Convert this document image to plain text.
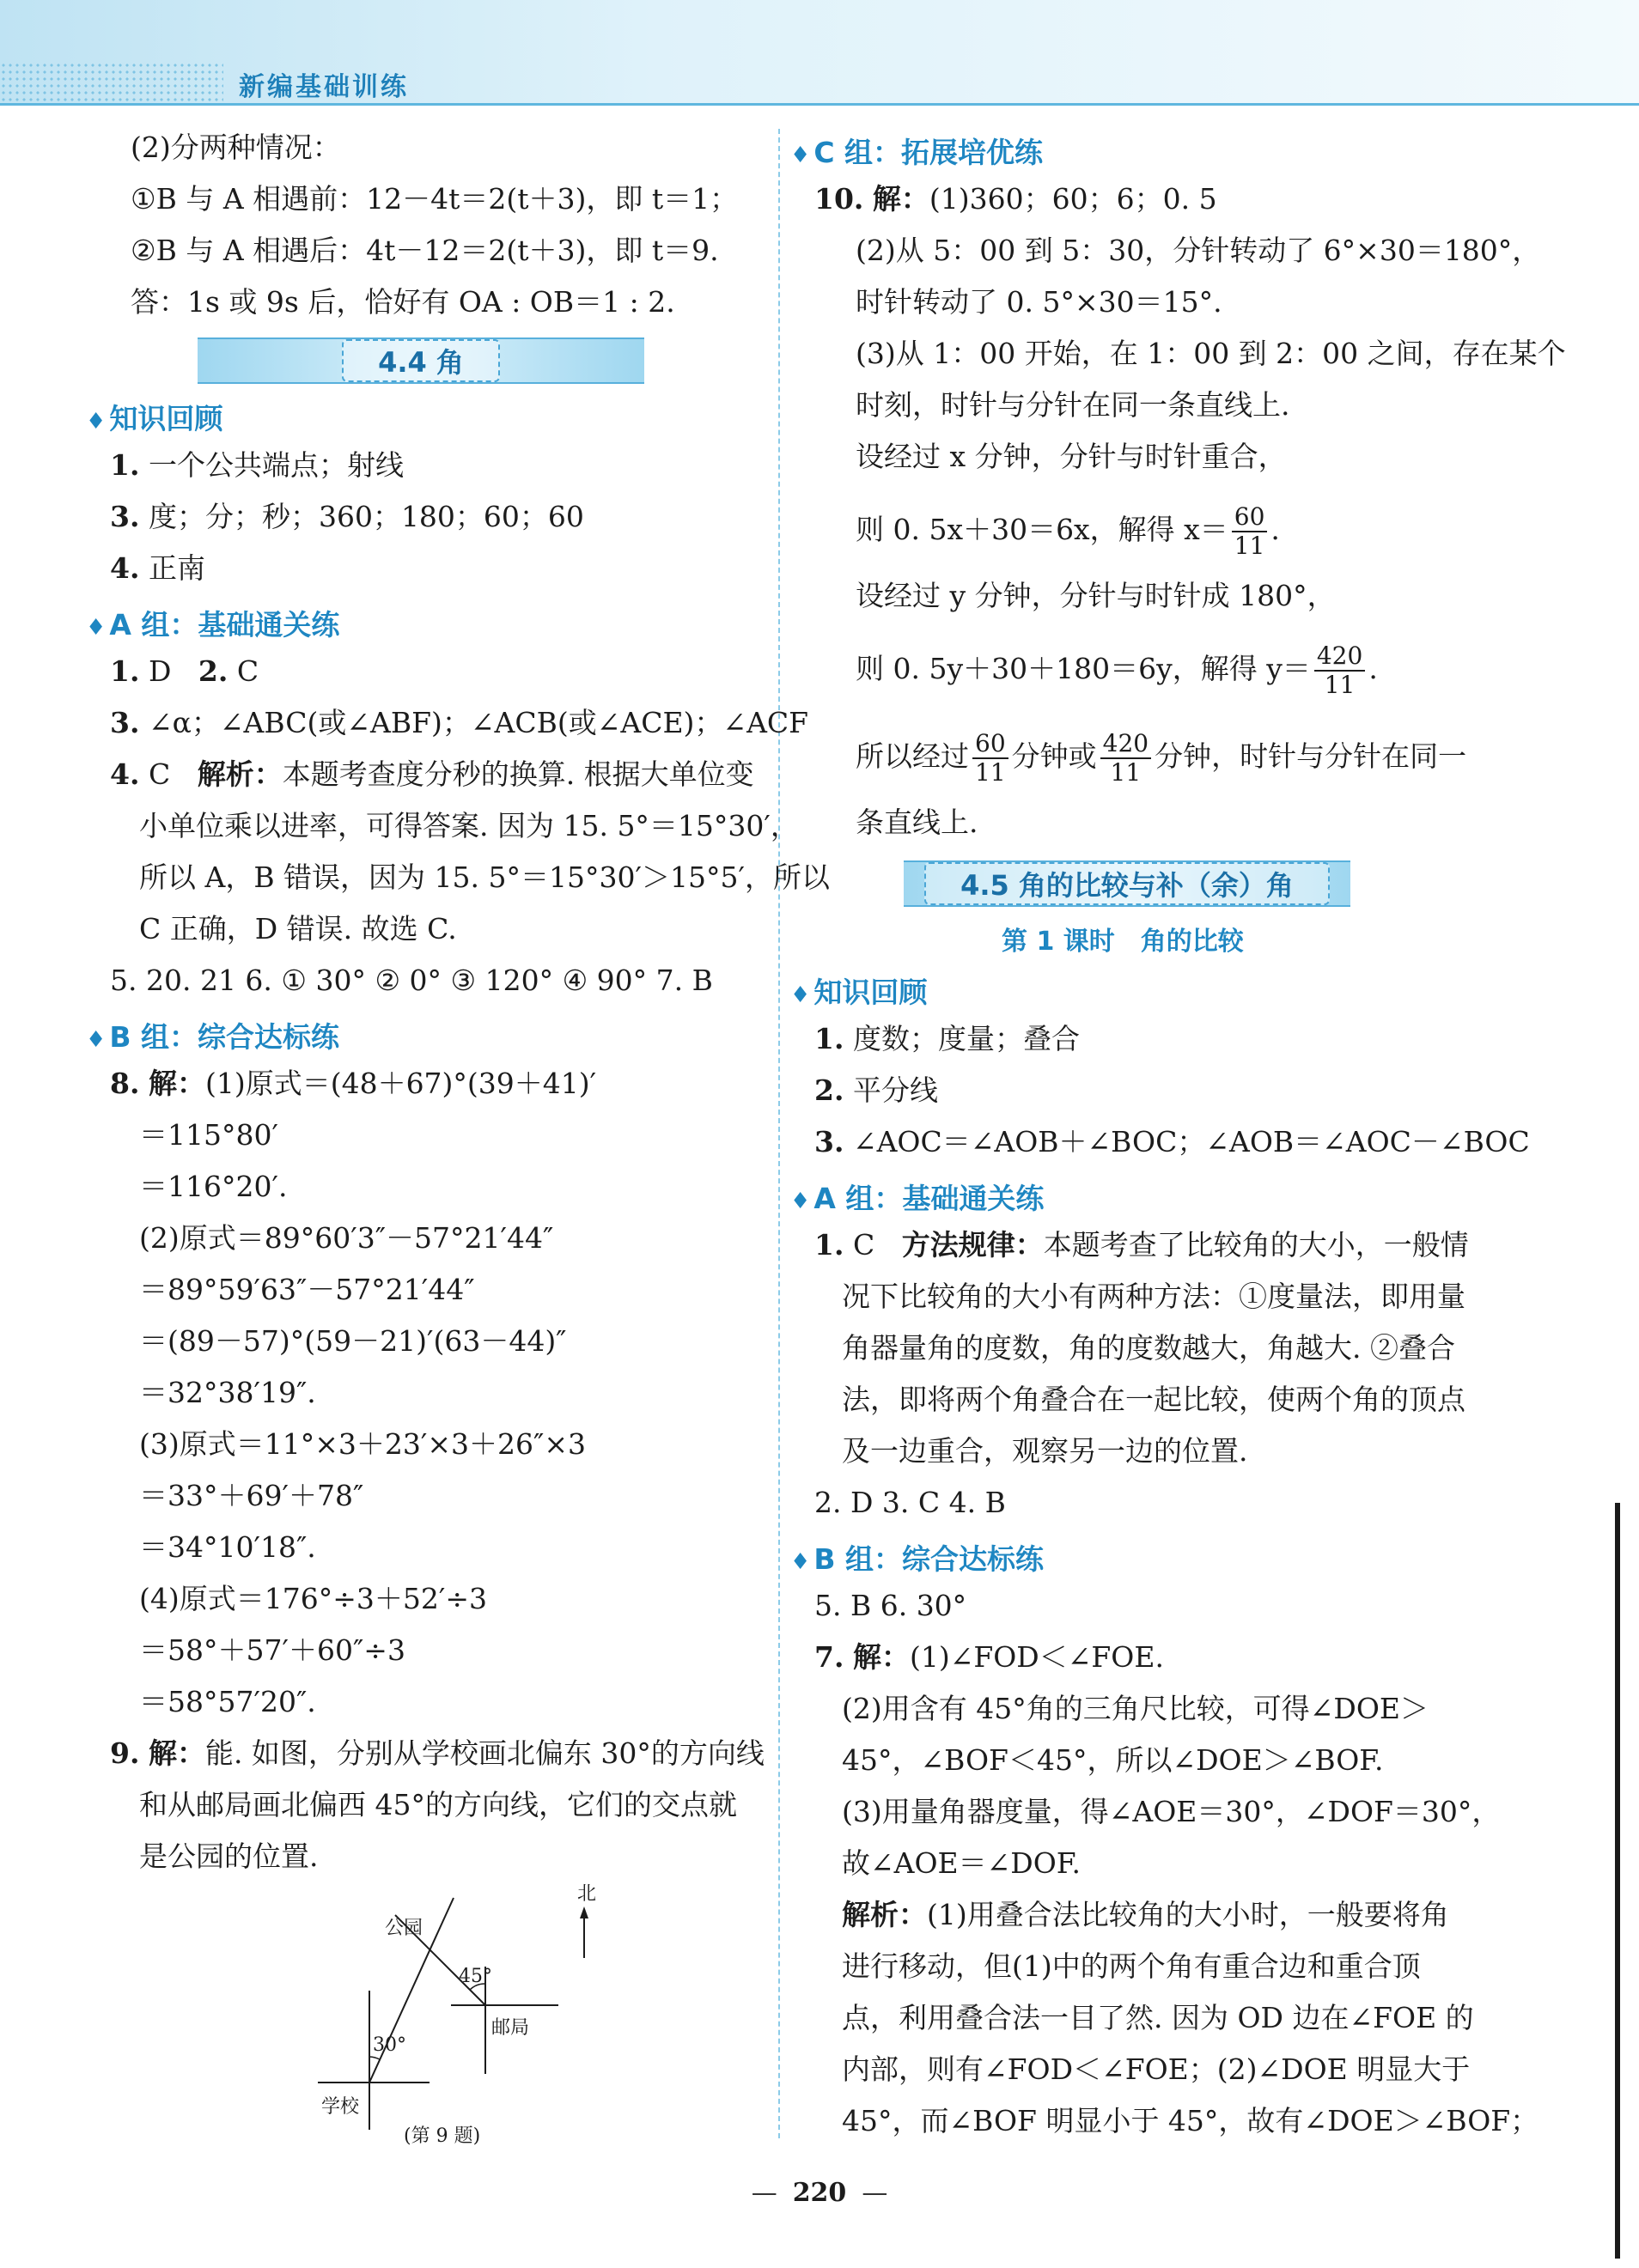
新编基础训练
(2)分两种情况：
①B 与 A 相遇前：12－4t＝2(t＋3)，即 t＝1；
②B 与 A 相遇后：4t－12＝2(t＋3)，即 t＝9.
答：1s 或 9s 后，恰好有 OA : OB＝1 : 2.
4.4 角
♦ 知识回顾
1. 一个公共端点；射线
3. 度；分；秒；360；180；60；60
4. 正南
♦ A 组：基础通关练
1. D 2. C
3. ∠α；∠ABC(或∠ABF)；∠ACB(或∠ACE)；∠ACF
4. C 解析：本题考查度分秒的换算. 根据大单位变
小单位乘以进率，可得答案. 因为 15. 5°＝15°30′，
所以 A，B 错误，因为 15. 5°＝15°30′＞15°5′，所以
C 正确，D 错误. 故选 C.
5. 20. 21 6. ① 30° ② 0° ③ 120° ④ 90° 7. B
♦ B 组：综合达标练
8. 解：(1)原式＝(48＋67)°(39＋41)′
＝115°80′
＝116°20′.
(2)原式＝89°60′3″－57°21′44″
＝89°59′63″－57°21′44″
＝(89－57)°(59－21)′(63－44)″
＝32°38′19″.
(3)原式＝11°×3＋23′×3＋26″×3
＝33°＋69′＋78″
＝34°10′18″.
(4)原式＝176°÷3＋52′÷3
＝58°＋57′＋60″÷3
＝58°57′20″.
9. 解：能. 如图，分别从学校画北偏东 30°的方向线
和从邮局画北偏西 45°的方向线，它们的交点就
是公园的位置.
北
30°
45°
公园
邮局
学校
(第 9 题)
♦ C 组：拓展培优练
10. 解：(1)360；60；6；0. 5
(2)从 5：00 到 5：30，分针转动了 6°×30＝180°，
时针转动了 0. 5°×30＝15°.
(3)从 1：00 开始，在 1：00 到 2：00 之间，存在某个
时刻，时针与分针在同一条直线上.
设经过 x 分钟，分针与时针重合，
则 0. 5x＋30＝6x，解得 $x= \frac{60}{11}$ .
设经过 y 分钟，分针与时针成 180°，
则 0. 5y＋30＋180＝6y，解得 $y= \frac{420}{11}$ .
所以经过 $\frac{60}{11}$ 分钟或 $\frac{420}{11}$ 分钟，时针与分针在同一
条直线上.
4.5 角的比较与补（余）角
第 1 课时　角的比较
♦ 知识回顾
1. 度数；度量；叠合
2. 平分线
3. ∠AOC＝∠AOB＋∠BOC；∠AOB＝∠AOC－∠BOC
♦ A 组：基础通关练
1. C 方法规律：本题考查了比较角的大小，一般情
况下比较角的大小有两种方法：①度量法，即用量
角器量角的度数，角的度数越大，角越大. ②叠合
法，即将两个角叠合在一起比较，使两个角的顶点
及一边重合，观察另一边的位置.
2. D 3. C 4. B
♦ B 组：综合达标练
5. B 6. 30°
7. 解：(1)∠FOD＜∠FOE.
(2)用含有 45°角的三角尺比较，可得∠DOE＞
45°，∠BOF＜45°，所以∠DOE＞∠BOF.
(3)用量角器度量，得∠AOE＝30°，∠DOF＝30°，
故∠AOE＝∠DOF.
解析：(1)用叠合法比较角的大小时，一般要将角
进行移动，但(1)中的两个角有重合边和重合顶
点，利用叠合法一目了然. 因为 OD 边在∠FOE 的
内部，则有∠FOD＜∠FOE；(2)∠DOE 明显大于
45°，而∠BOF 明显小于 45°，故有∠DOE＞∠BOF；
— 220 —
